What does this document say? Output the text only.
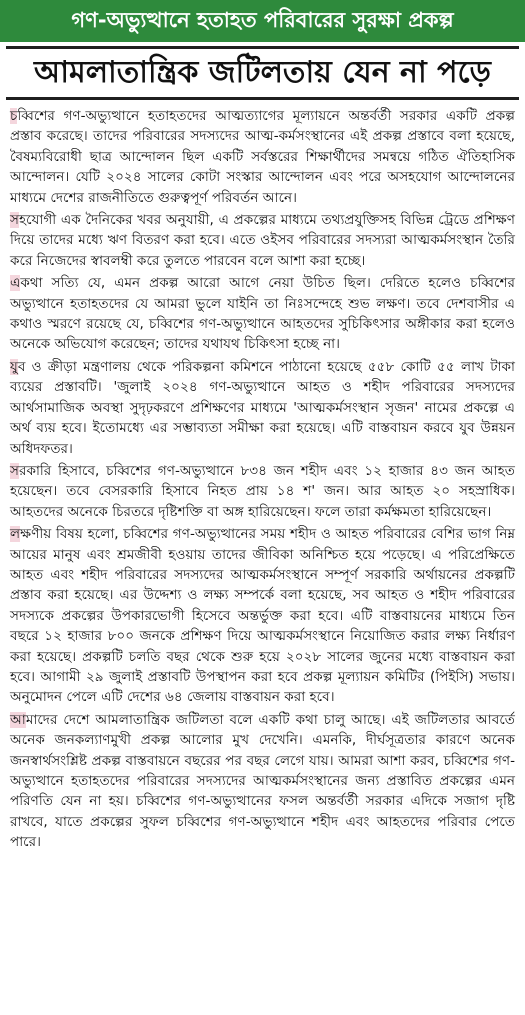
গণ-অভ্যুত্থানে হতাহত পরিবারের সুরক্ষা প্রকল্প
আমলাতান্ত্রিক জটিলতায় যেন না পড়ে

চব্বিশের গণ-অভ্যুত্থানে হতাহতদের আত্মত্যাগের মূল্যায়নে অন্তর্বর্তী সরকার একটি প্রকল্প প্রস্তাব করেছে। তাদের পরিবারের সদস্যদের আত্ম-কর্মসংস্থানের এই প্রকল্প প্রস্তাবে বলা হয়েছে, বৈষম্যবিরোধী ছাত্র আন্দোলন ছিল একটি সর্বস্তরের শিক্ষার্থীদের সমন্বয়ে গঠিত ঐতিহাসিক আন্দোলন। যেটি ২০২৪ সালের কোটা সংস্কার আন্দোলন এবং পরে অসহযোগ আন্দোলনের মাধ্যমে দেশের রাজনীতিতে গুরুত্বপূর্ণ পরিবর্তন আনে।

সহযোগী এক দৈনিকের খবর অনুযায়ী, এ প্রকল্পের মাধ্যমে তথ্যপ্রযুক্তিসহ বিভিন্ন ট্রেডে প্রশিক্ষণ দিয়ে তাদের মধ্যে ঋণ বিতরণ করা হবে। এতে ওইসব পরিবারের সদস্যরা আত্মকর্মসংস্থান তৈরি করে নিজেদের স্বাবলম্বী করে তুলতে পারবেন বলে আশা করা হচ্ছে।

একথা সত্যি যে, এমন প্রকল্প আরো আগে নেয়া উচিত ছিল। দেরিতে হলেও চব্বিশের অভ্যুত্থানে হতাহতদের যে আমরা ভুলে যাইনি তা নিঃসন্দেহে শুভ লক্ষণ। তবে দেশবাসীর এ কথাও স্মরণে রয়েছে যে, চব্বিশের গণ-অভ্যুত্থানে আহতদের সুচিকিৎসার অঙ্গীকার করা হলেও অনেকে অভিযোগ করেছেন; তাদের যথাযথ চিকিৎসা হচ্ছে না।

যুব ও ক্রীড়া মন্ত্রণালয় থেকে পরিকল্পনা কমিশনে পাঠানো হয়েছে ৫৫৮ কোটি ৫৫ লাখ টাকা ব্যয়ের প্রস্তাবটি। 'জুলাই ২০২৪ গণ-অভ্যুত্থানে আহত ও শহীদ পরিবারের সদস্যদের আর্থসামাজিক অবস্থা সুদৃঢ়করণে প্রশিক্ষণের মাধ্যমে 'আত্মকর্মসংস্থান সৃজন' নামের প্রকল্পে এ অর্থ ব্যয় হবে। ইতোমধ্যে এর সম্ভাব্যতা সমীক্ষা করা হয়েছে। এটি বাস্তবায়ন করবে যুব উন্নয়ন অধিদফতর।

সরকারি হিসাবে, চব্বিশের গণ-অভ্যুত্থানে ৮৩৪ জন শহীদ এবং ১২ হাজার ৪৩ জন আহত হয়েছেন। তবে বেসরকারি হিসাবে নিহত প্রায় ১৪ শ' জন। আর আহত ২০ সহস্রাধিক। আহতদের অনেকে চিরতরে দৃষ্টিশক্তি বা অঙ্গ হারিয়েছেন। ফলে তারা কর্মক্ষমতা হারিয়েছেন।

লক্ষণীয় বিষয় হলো, চব্বিশের গণ-অভ্যুত্থানের সময় শহীদ ও আহত পরিবারের বেশির ভাগ নিম্ন আয়ের মানুষ এবং শ্রমজীবী হওয়ায় তাদের জীবিকা অনিশ্চিত হয়ে পড়েছে। এ পরিপ্রেক্ষিতে আহত এবং শহীদ পরিবারের সদস্যদের আত্মকর্মসংস্থানে সম্পূর্ণ সরকারি অর্থায়নের প্রকল্পটি প্রস্তাব করা হয়েছে। এর উদ্দেশ্য ও লক্ষ্য সম্পর্কে বলা হয়েছে, সব আহত ও শহীদ পরিবারের সদস্যকে প্রকল্পের উপকারভোগী হিসেবে অন্তর্ভুক্ত করা হবে। এটি বাস্তবায়নের মাধ্যমে তিন বছরে ১২ হাজার ৮০০ জনকে প্রশিক্ষণ দিয়ে আত্মকর্মসংস্থানে নিয়োজিত করার লক্ষ্য নির্ধারণ করা হয়েছে। প্রকল্পটি চলতি বছর থেকে শুরু হয়ে ২০২৮ সালের জুনের মধ্যে বাস্তবায়ন করা হবে। আগামী ২৯ জুলাই প্রস্তাবটি উপস্থাপন করা হবে প্রকল্প মূল্যায়ন কমিটির (পিইসি) সভায়। অনুমোদন পেলে এটি দেশের ৬৪ জেলায় বাস্তবায়ন করা হবে।

আমাদের দেশে আমলাতান্ত্রিক জটিলতা বলে একটি কথা চালু আছে। এই জটিলতার আবর্তে অনেক জনকল্যাণমুখী প্রকল্প আলোর মুখ দেখেনি। এমনকি, দীর্ঘসূত্রতার কারণে অনেক জনস্বার্থসংশ্লিষ্ট প্রকল্প বাস্তবায়নে বছরের পর বছর লেগে যায়। আমরা আশা করব, চব্বিশের গণ-অভ্যুত্থানে হতাহতদের পরিবারের সদস্যদের আত্মকর্মসংস্থানের জন্য প্রস্তাবিত প্রকল্পের এমন পরিণতি যেন না হয়। চব্বিশের গণ-অভ্যুত্থানের ফসল অন্তর্বর্তী সরকার এদিকে সজাগ দৃষ্টি রাখবে, যাতে প্রকল্পের সুফল চব্বিশের গণ-অভ্যুত্থানে শহীদ এবং আহতদের পরিবার পেতে পারে।
